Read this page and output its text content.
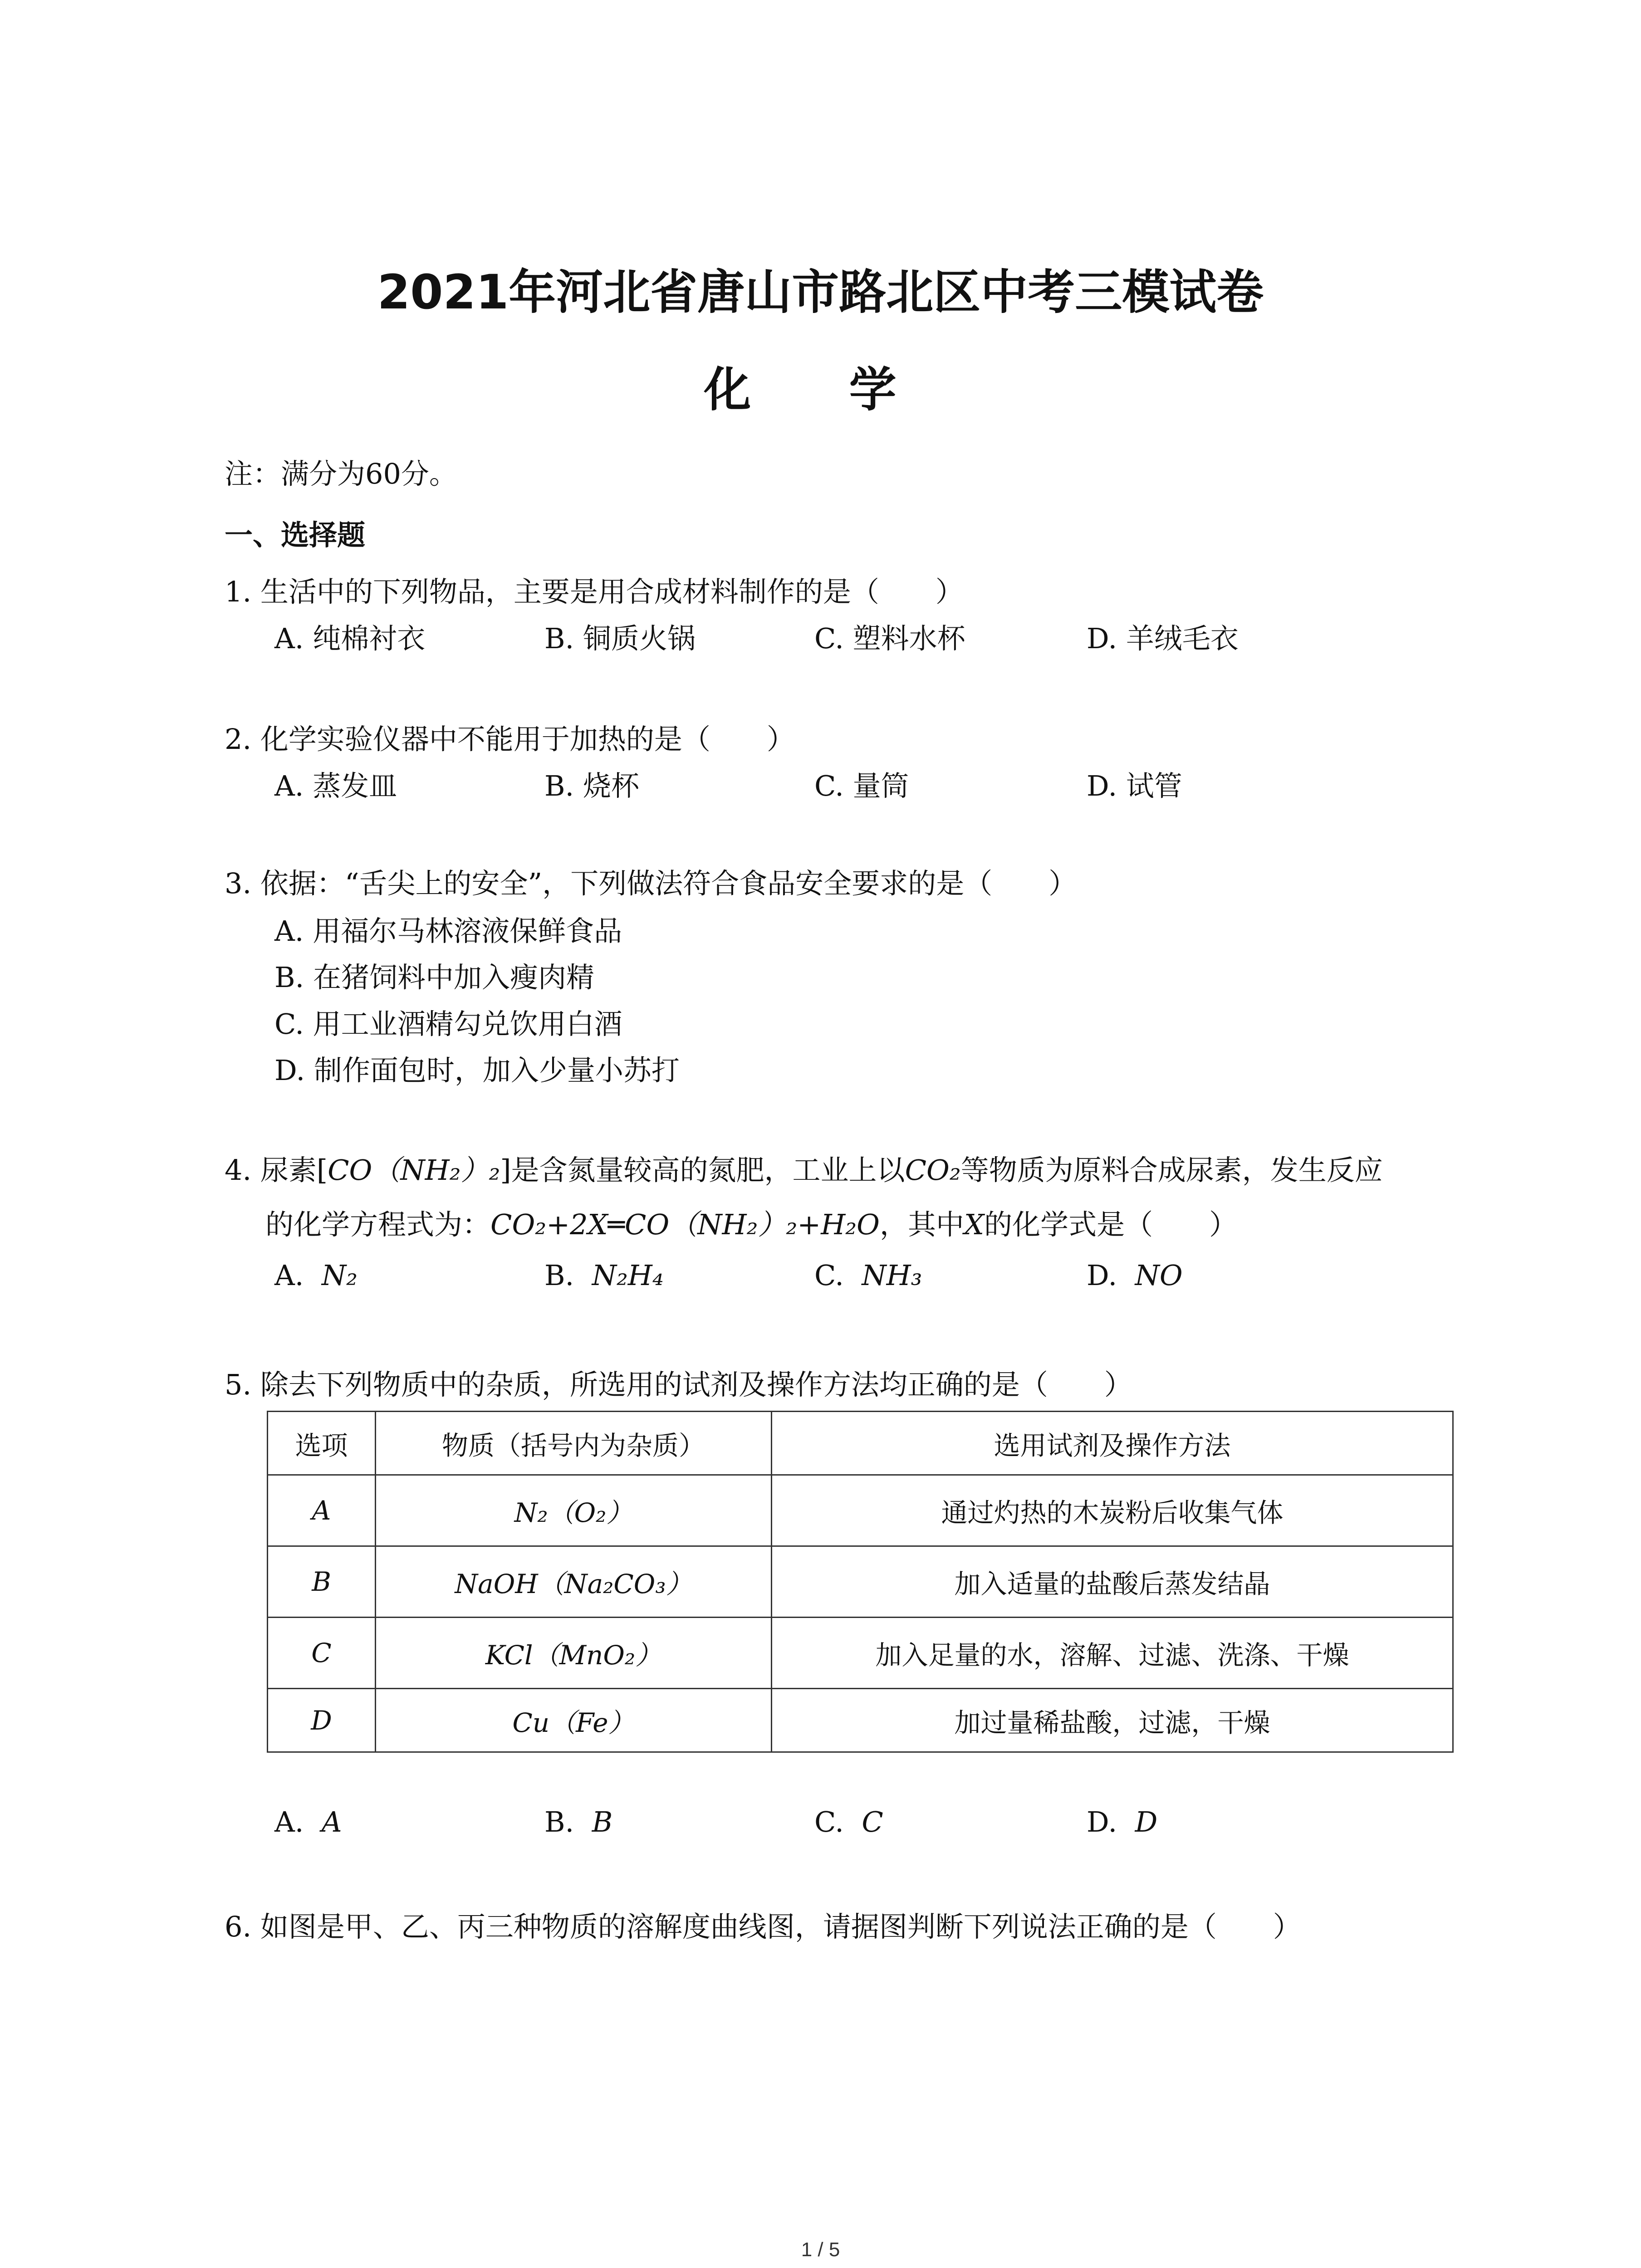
2021年河北省唐山市路北区中考三模试卷
化 学
注：满分为60分。
一、选择题
1. 生活中的下列物品，主要是用合成材料制作的是（　　）
A. 纯棉衬衣	B. 铜质火锅	C. 塑料水杯	D. 羊绒毛衣
2. 化学实验仪器中不能用于加热的是（　　）
A. 蒸发皿	B. 烧杯	C. 量筒	D. 试管
3. 依据：“舌尖上的安全”，下列做法符合食品安全要求的是（　　）
A. 用福尔马林溶液保鲜食品
B. 在猪饲料中加入瘦肉精
C. 用工业酒精勾兑饮用白酒
D. 制作面包时，加入少量小苏打
4. 尿素[CO（NH₂）₂]是含氮量较高的氮肥，工业上以CO₂等物质为原料合成尿素，发生反应
的化学方程式为：CO₂+2X═CO（NH₂）₂+H₂O，其中X的化学式是（　　）
A. N₂	B. N₂H₄	C. NH₃	D. NO
5. 除去下列物质中的杂质，所选用的试剂及操作方法均正确的是（　　）
选项	物质（括号内为杂质）	选用试剂及操作方法
A	N₂（O₂）	通过灼热的木炭粉后收集气体
B	NaOH（Na₂CO₃）	加入适量的盐酸后蒸发结晶
C	KCl（MnO₂）	加入足量的水，溶解、过滤、洗涤、干燥
D	Cu（Fe）	加过量稀盐酸，过滤，干燥
A. A	B. B	C. C	D. D
6. 如图是甲、乙、丙三种物质的溶解度曲线图，请据图判断下列说法正确的是（　　）
1 / 5
